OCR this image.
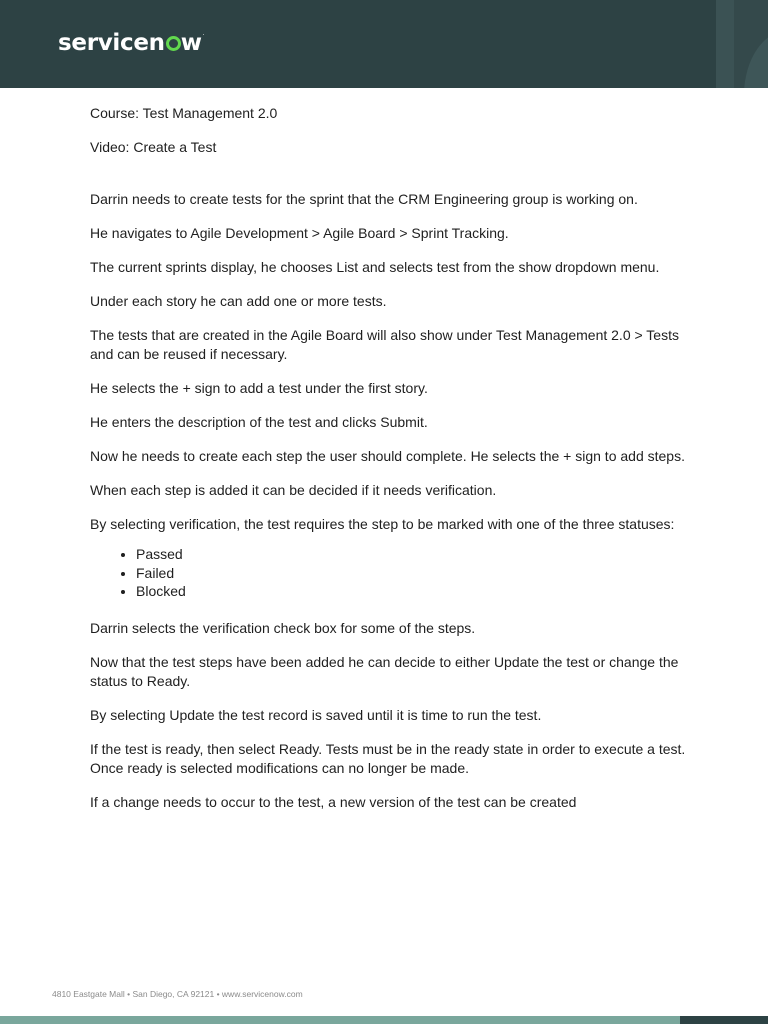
servicen w.

Course: Test Management 2.0

Video: Create a Test

Darrin needs to create tests for the sprint that the CRM Engineering group is working on.

He navigates to Agile Development > Agile Board > Sprint Tracking.

The current sprints display, he chooses List and selects test from the show dropdown menu.

Under each story he can add one or more tests.

The tests that are created in the Agile Board will also show under Test Management 2.0 > Tests and can be reused if necessary.

He selects the + sign to add a test under the first story.

He enters the description of the test and clicks Submit.

Now he needs to create each step the user should complete. He selects the + sign to add steps.

When each step is added it can be decided if it needs verification.

By selecting verification, the test requires the step to be marked with one of the three statuses:

• Passed
• Failed
• Blocked

Darrin selects the verification check box for some of the steps.

Now that the test steps have been added he can decide to either Update the test or change the status to Ready.

By selecting Update the test record is saved until it is time to run the test.

If the test is ready, then select Ready. Tests must be in the ready state in order to execute a test. Once ready is selected modifications can no longer be made.

If a change needs to occur to the test, a new version of the test can be created

4810 Eastgate Mall • San Diego, CA 92121 • www.servicenow.com
